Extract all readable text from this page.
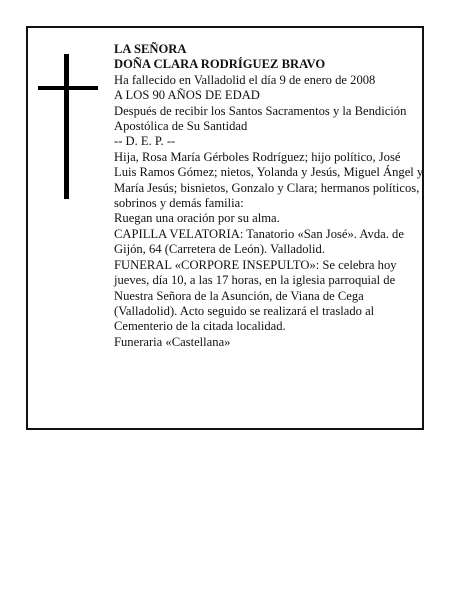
LA SEÑORA

DOÑA CLARA RODRÍGUEZ BRAVO

Ha fallecido en Valladolid el día 9 de enero de 2008

A LOS 90 AÑOS DE EDAD

Después de recibir los Santos Sacramentos y la Bendición Apostólica de Su Santidad

-- D. E. P. --

Hija, Rosa María Gérboles Rodríguez; hijo político, José Luis Ramos Gómez; nietos, Yolanda y Jesús, Miguel Ángel y María Jesús; bisnietos, Gonzalo y Clara; hermanos políticos, sobrinos y demás familia:

Ruegan una oración por su alma.

CAPILLA VELATORIA: Tanatorio «San José». Avda. de Gijón, 64 (Carretera de León). Valladolid.

FUNERAL «CORPORE INSEPULTO»: Se celebra hoy jueves, día 10, a las 17 horas, en la iglesia parroquial de Nuestra Señora de la Asunción, de Viana de Cega (Valladolid). Acto seguido se realizará el traslado al Cementerio de la citada localidad.

Funeraria «Castellana»
